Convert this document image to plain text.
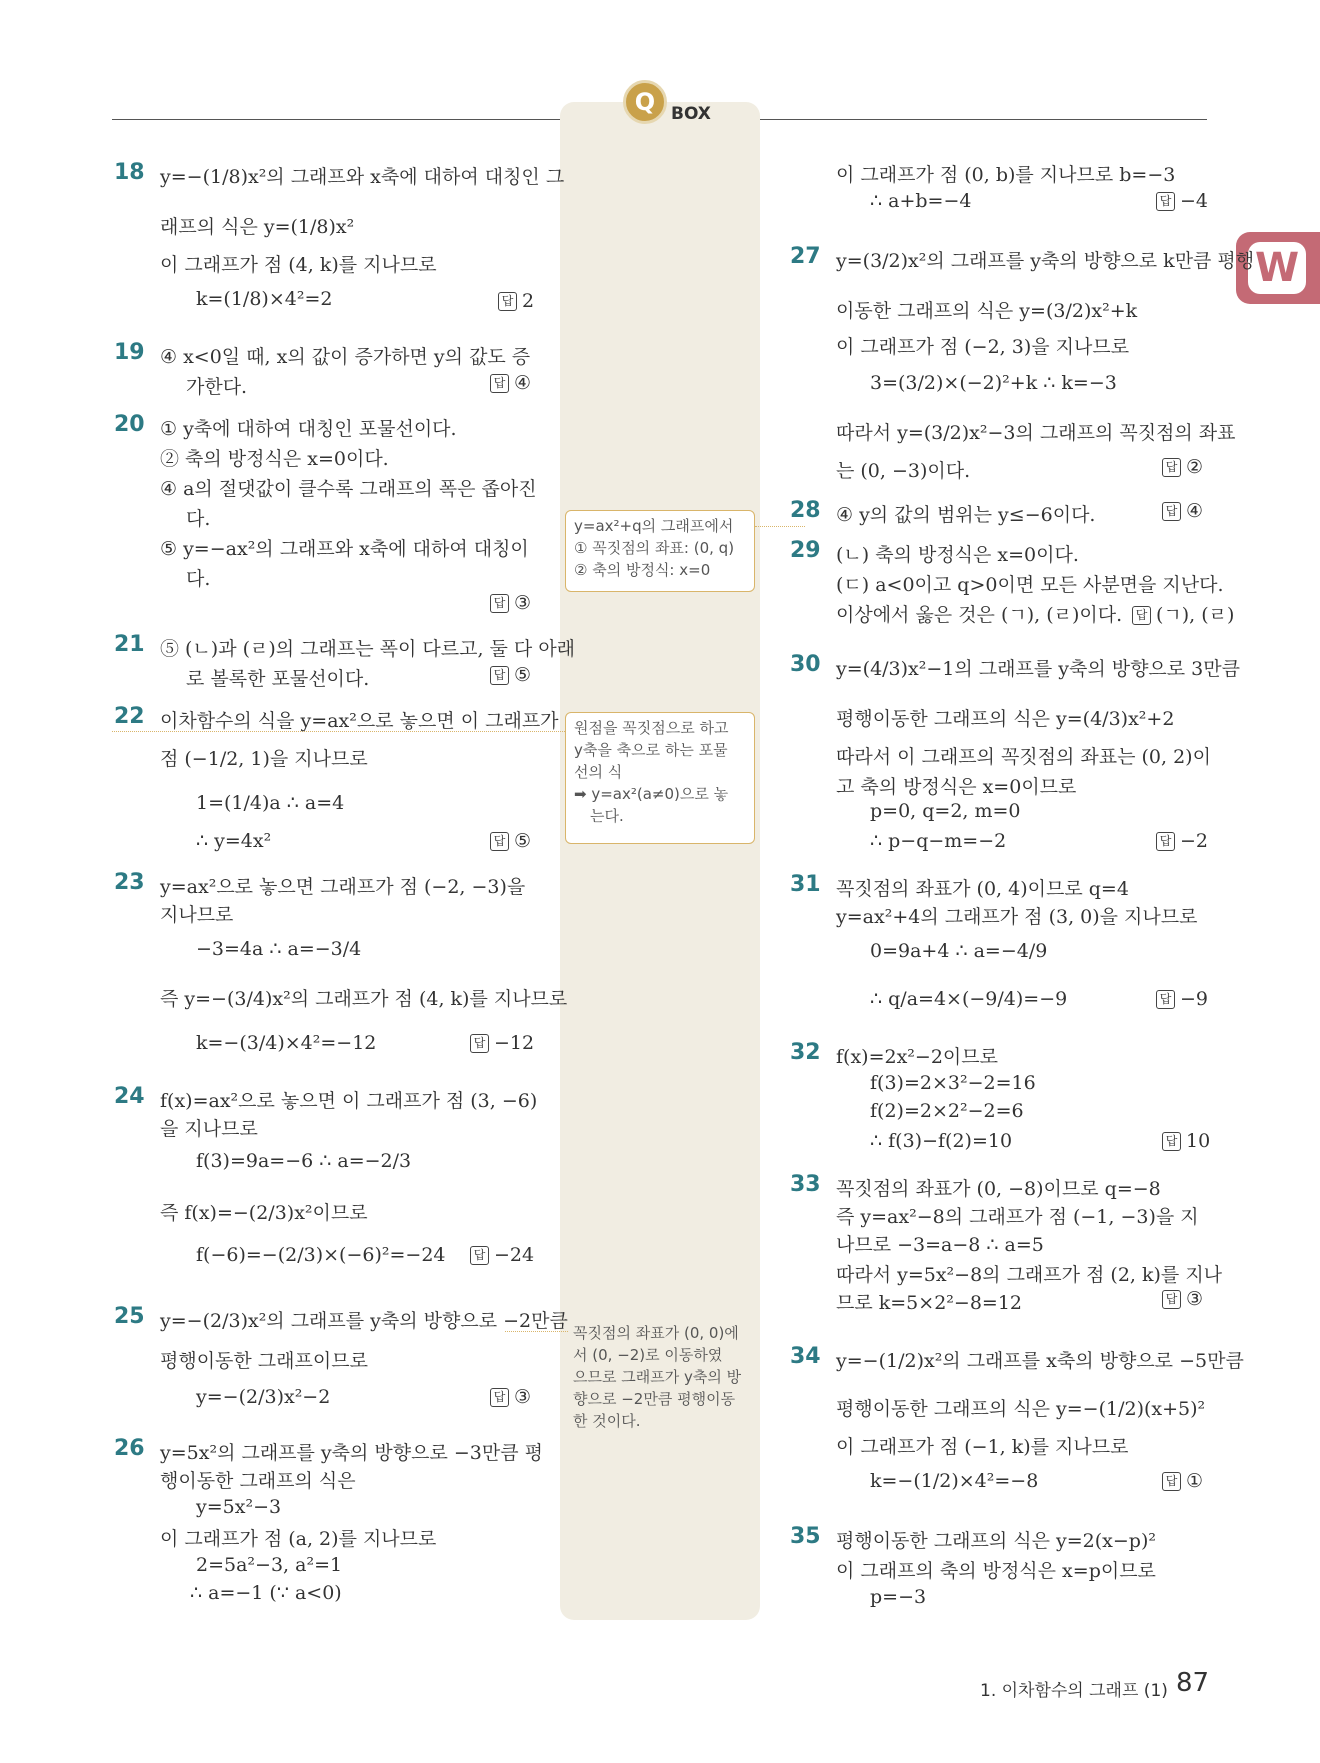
Q BOX
W
y=ax²+q의 그래프에서
① 꼭짓점의 좌표: (0, q)
② 축의 방정식: x=0
원점을 꼭짓점으로 하고
y축을 축으로 하는 포물
선의 식
➡ y=ax²(a≠0)으로 놓
는다.
꼭짓점의 좌표가 (0, 0)에
서 (0, −2)로 이동하였
으므로 그래프가 y축의 방
향으로 −2만큼 평행이동
한 것이다.
18 y=−(1/8)x²의 그래프와 x축에 대하여 대칭인 그
래프의 식은 y=(1/8)x²
이 그래프가 점 (4, k)를 지나므로
k=(1/8)×4²=2	답 2
19 ④ x<0일 때, x의 값이 증가하면 y의 값도 증
가한다.	답 ④
20 ① y축에 대하여 대칭인 포물선이다.
② 축의 방정식은 x=0이다.
④ a의 절댓값이 클수록 그래프의 폭은 좁아진
다.
⑤ y=−ax²의 그래프와 x축에 대하여 대칭이
다.
답 ③
21 ⑤ (ㄴ)과 (ㄹ)의 그래프는 폭이 다르고, 둘 다 아래
로 볼록한 포물선이다.	답 ⑤
22 이차함수의 식을 y=ax²으로 놓으면 이 그래프가
점 (−1/2, 1)을 지나므로
1=(1/4)a ∴ a=4
∴ y=4x²	답 ⑤
23 y=ax²으로 놓으면 그래프가 점 (−2, −3)을
지나므로
−3=4a ∴ a=−3/4
즉 y=−(3/4)x²의 그래프가 점 (4, k)를 지나므로
k=−(3/4)×4²=−12	답 −12
24 f(x)=ax²으로 놓으면 이 그래프가 점 (3, −6)
을 지나므로
f(3)=9a=−6 ∴ a=−2/3
즉 f(x)=−(2/3)x²이므로
f(−6)=−(2/3)×(−6)²=−24	답 −24
25 y=−(2/3)x²의 그래프를 y축의 방향으로 −2만큼
평행이동한 그래프이므로
y=−(2/3)x²−2	답 ③
26 y=5x²의 그래프를 y축의 방향으로 −3만큼 평
행이동한 그래프의 식은
y=5x²−3
이 그래프가 점 (a, 2)를 지나므로
2=5a²−3, a²=1
∴ a=−1 (∵ a<0)
이 그래프가 점 (0, b)를 지나므로 b=−3
∴ a+b=−4	답 −4
27 y=(3/2)x²의 그래프를 y축의 방향으로 k만큼 평행
이동한 그래프의 식은 y=(3/2)x²+k
이 그래프가 점 (−2, 3)을 지나므로
3=(3/2)×(−2)²+k ∴ k=−3
따라서 y=(3/2)x²−3의 그래프의 꼭짓점의 좌표
는 (0, −3)이다.	답 ②
28 ④ y의 값의 범위는 y≤−6이다.	답 ④
29 (ㄴ) 축의 방정식은 x=0이다.
(ㄷ) a<0이고 q>0이면 모든 사분면을 지난다.
이상에서 옳은 것은 (ㄱ), (ㄹ)이다.	답 (ㄱ), (ㄹ)
30 y=(4/3)x²−1의 그래프를 y축의 방향으로 3만큼
평행이동한 그래프의 식은 y=(4/3)x²+2
따라서 이 그래프의 꼭짓점의 좌표는 (0, 2)이
고 축의 방정식은 x=0이므로
p=0, q=2, m=0
∴ p−q−m=−2	답 −2
31 꼭짓점의 좌표가 (0, 4)이므로 q=4
y=ax²+4의 그래프가 점 (3, 0)을 지나므로
0=9a+4 ∴ a=−4/9
∴ q/a=4×(−9/4)=−9	답 −9
32 f(x)=2x²−2이므로
f(3)=2×3²−2=16
f(2)=2×2²−2=6
∴ f(3)−f(2)=10	답 10
33 꼭짓점의 좌표가 (0, −8)이므로 q=−8
즉 y=ax²−8의 그래프가 점 (−1, −3)을 지
나므로 −3=a−8 ∴ a=5
따라서 y=5x²−8의 그래프가 점 (2, k)를 지나
므로 k=5×2²−8=12	답 ③
34 y=−(1/2)x²의 그래프를 x축의 방향으로 −5만큼
평행이동한 그래프의 식은 y=−(1/2)(x+5)²
이 그래프가 점 (−1, k)를 지나므로
k=−(1/2)×4²=−8	답 ①
35 평행이동한 그래프의 식은 y=2(x−p)²
이 그래프의 축의 방정식은 x=p이므로
p=−3
1. 이차함수의 그래프 (1) 87
